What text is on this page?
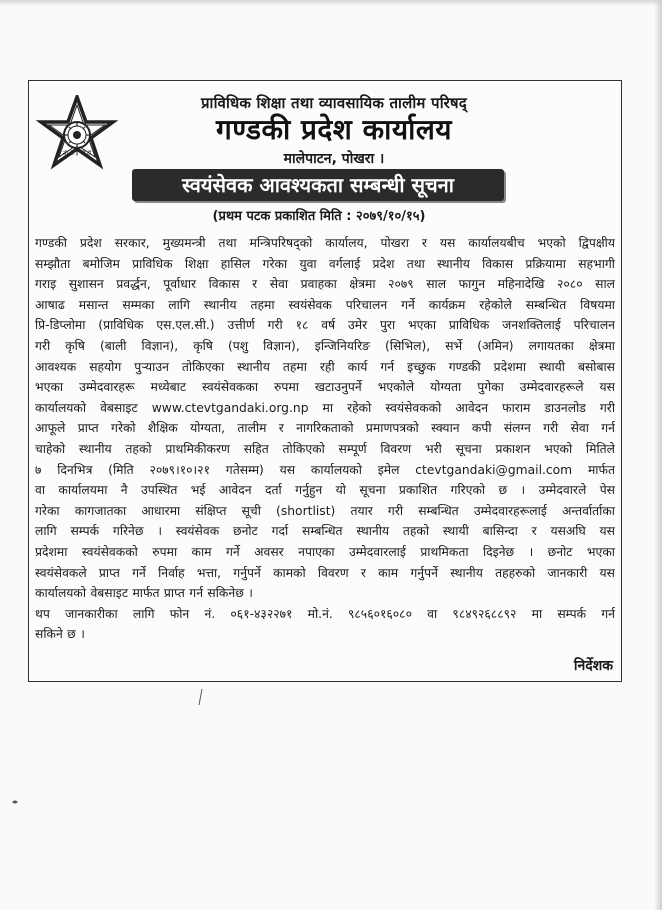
सी टी ई भी टी
प्राविधिक शिक्षा तथा व्यावसायिक तालीम परिषद्
गण्डकी प्रदेश कार्यालय
मालेपाटन, पोखरा ।
स्वयंसेवक आवश्यकता सम्बन्धी सूचना
(प्रथम पटक प्रकाशित मिति : २०७९/१०/१५)

गण्डकी प्रदेश सरकार, मुख्यमन्त्री तथा मन्त्रिपरिषद्को कार्यालय, पोखरा र यस कार्यालयबीच भएको द्विपक्षीय
सम्झौता बमोजिम प्राविधिक शिक्षा हासिल गरेका युवा वर्गलाई प्रदेश तथा स्थानीय विकास प्रक्रियामा सहभागी
गराइ सुशासन प्रवर्द्धन, पूर्वाधार विकास र सेवा प्रवाहका क्षेत्रमा २०७९ साल फागुन महिनादेखि २०८० साल
आषाढ मसान्त सम्मका लागि स्थानीय तहमा स्वयंसेवक परिचालन गर्ने कार्यक्रम रहेकोले सम्बन्धित विषयमा
प्रि-डिप्लोमा (प्राविधिक एस.एल.सी.) उत्तीर्ण गरी १८ वर्ष उमेर पुरा भएका प्राविधिक जनशक्तिलाई परिचालन
गरी कृषि (बाली विज्ञान), कृषि (पशु विज्ञान), इन्जिनियरिङ (सिभिल), सर्भे (अमिन) लगायतका क्षेत्रमा
आवश्यक सहयोग पुऱ्याउन तोकिएका स्थानीय तहमा रही कार्य गर्न इच्छुक गण्डकी प्रदेशमा स्थायी बसोबास
भएका उम्मेदवारहरू मध्येबाट स्वयंसेवकका रुपमा खटाउनुपर्ने भएकोले योग्यता पुगेका उम्मेदवारहरूले यस
कार्यालयको वेबसाइट www.ctevtgandaki.org.np मा रहेको स्वयंसेवकको आवेदन फाराम डाउनलोड गरी
आफूले प्राप्त गरेको शैक्षिक योग्यता, तालीम र नागरिकताको प्रमाणपत्रको स्क्यान कपी संलग्न गरी सेवा गर्न
चाहेको स्थानीय तहको प्राथमिकीकरण सहित तोकिएको सम्पूर्ण विवरण भरी सूचना प्रकाशन भएको मितिले
७ दिनभित्र (मिति २०७९।१०।२१ गतेसम्म) यस कार्यालयको इमेल ctevtgandaki@gmail.com मार्फत
वा कार्यालयमा नै उपस्थित भई आवेदन दर्ता गर्नुहुन यो सूचना प्रकाशित गरिएको छ । उम्मेदवारले पेस
गरेका कागजातका आधारमा संक्षिप्त सूची (shortlist) तयार गरी सम्बन्धित उम्मेदवारहरूलाई अन्तर्वार्ताका
लागि सम्पर्क गरिनेछ । स्वयंसेवक छनोट गर्दा सम्बन्धित स्थानीय तहको स्थायी बासिन्दा र यसअघि यस
प्रदेशमा स्वयंसेवकको रुपमा काम गर्ने अवसर नपाएका उम्मेदवारलाई प्राथमिकता दिइनेछ । छनोट भएका
स्वयंसेवकले प्राप्त गर्ने निर्वाह भत्ता, गर्नुपर्ने कामको विवरण र काम गर्नुपर्ने स्थानीय तहहरुको जानकारी यस
कार्यालयको वेबसाइट मार्फत प्राप्त गर्न सकिनेछ ।

थप जानकारीका लागि फोन नं. ०६१-४३२२७१ मो.नं. ९८५६०१६०८० वा ९८४९२६८८९२ मा सम्पर्क गर्न
सकिने छ ।

निर्देशक
